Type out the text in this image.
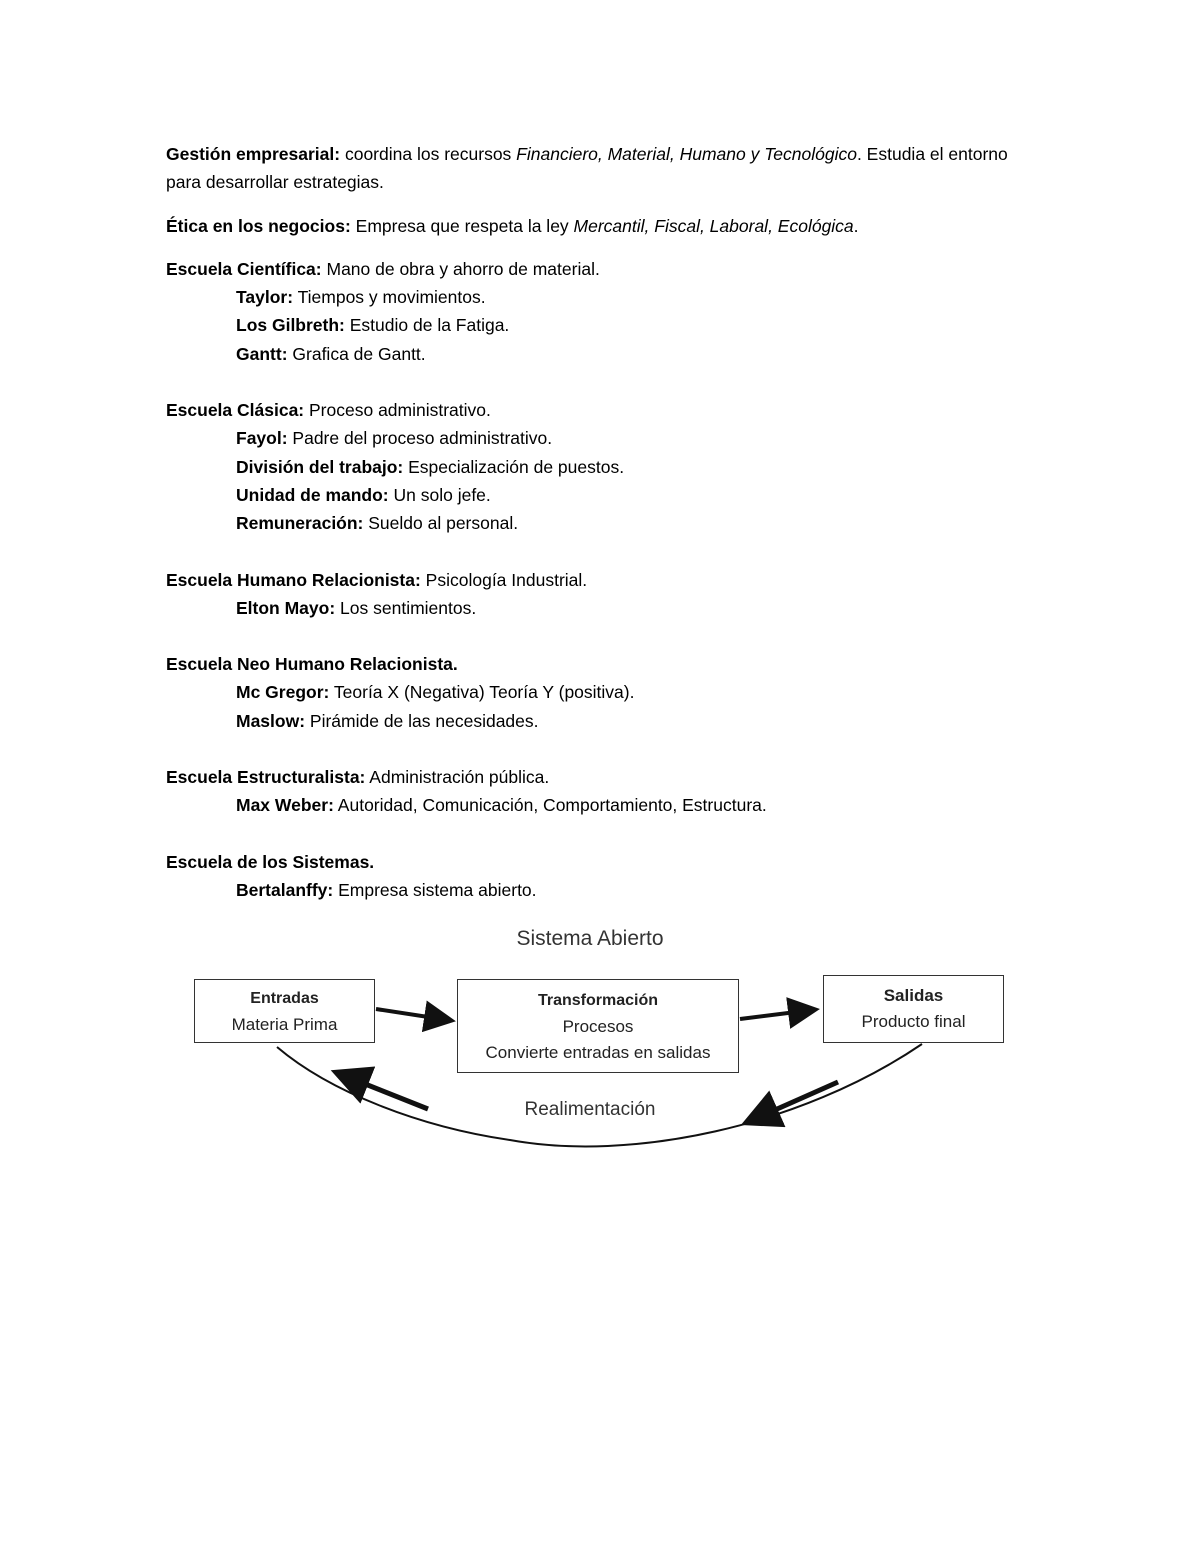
Gestión empresarial: coordina los recursos Financiero, Material, Humano y Tecnológico. Estudia el entorno para desarrollar estrategias.

Ética en los negocios: Empresa que respeta la ley Mercantil, Fiscal, Laboral, Ecológica.

Escuela Científica: Mano de obra y ahorro de material.

Taylor: Tiempos y movimientos.

Los Gilbreth: Estudio de la Fatiga.

Gantt: Grafica de Gantt.

Escuela Clásica: Proceso administrativo.

Fayol: Padre del proceso administrativo.

División del trabajo: Especialización de puestos.

Unidad de mando: Un solo jefe.

Remuneración: Sueldo al personal.

Escuela Humano Relacionista: Psicología Industrial.

Elton Mayo: Los sentimientos.

Escuela Neo Humano Relacionista.

Mc Gregor: Teoría X (Negativa) Teoría Y (positiva).

Maslow: Pirámide de las necesidades.

Escuela Estructuralista: Administración pública.

Max Weber: Autoridad, Comunicación, Comportamiento, Estructura.

Escuela de los Sistemas.

Bertalanffy: Empresa sistema abierto.

Sistema Abierto
Entradas
Materia Prima
Transformación
Procesos
Convierte entradas en salidas
Salidas
Producto final
Realimentación
